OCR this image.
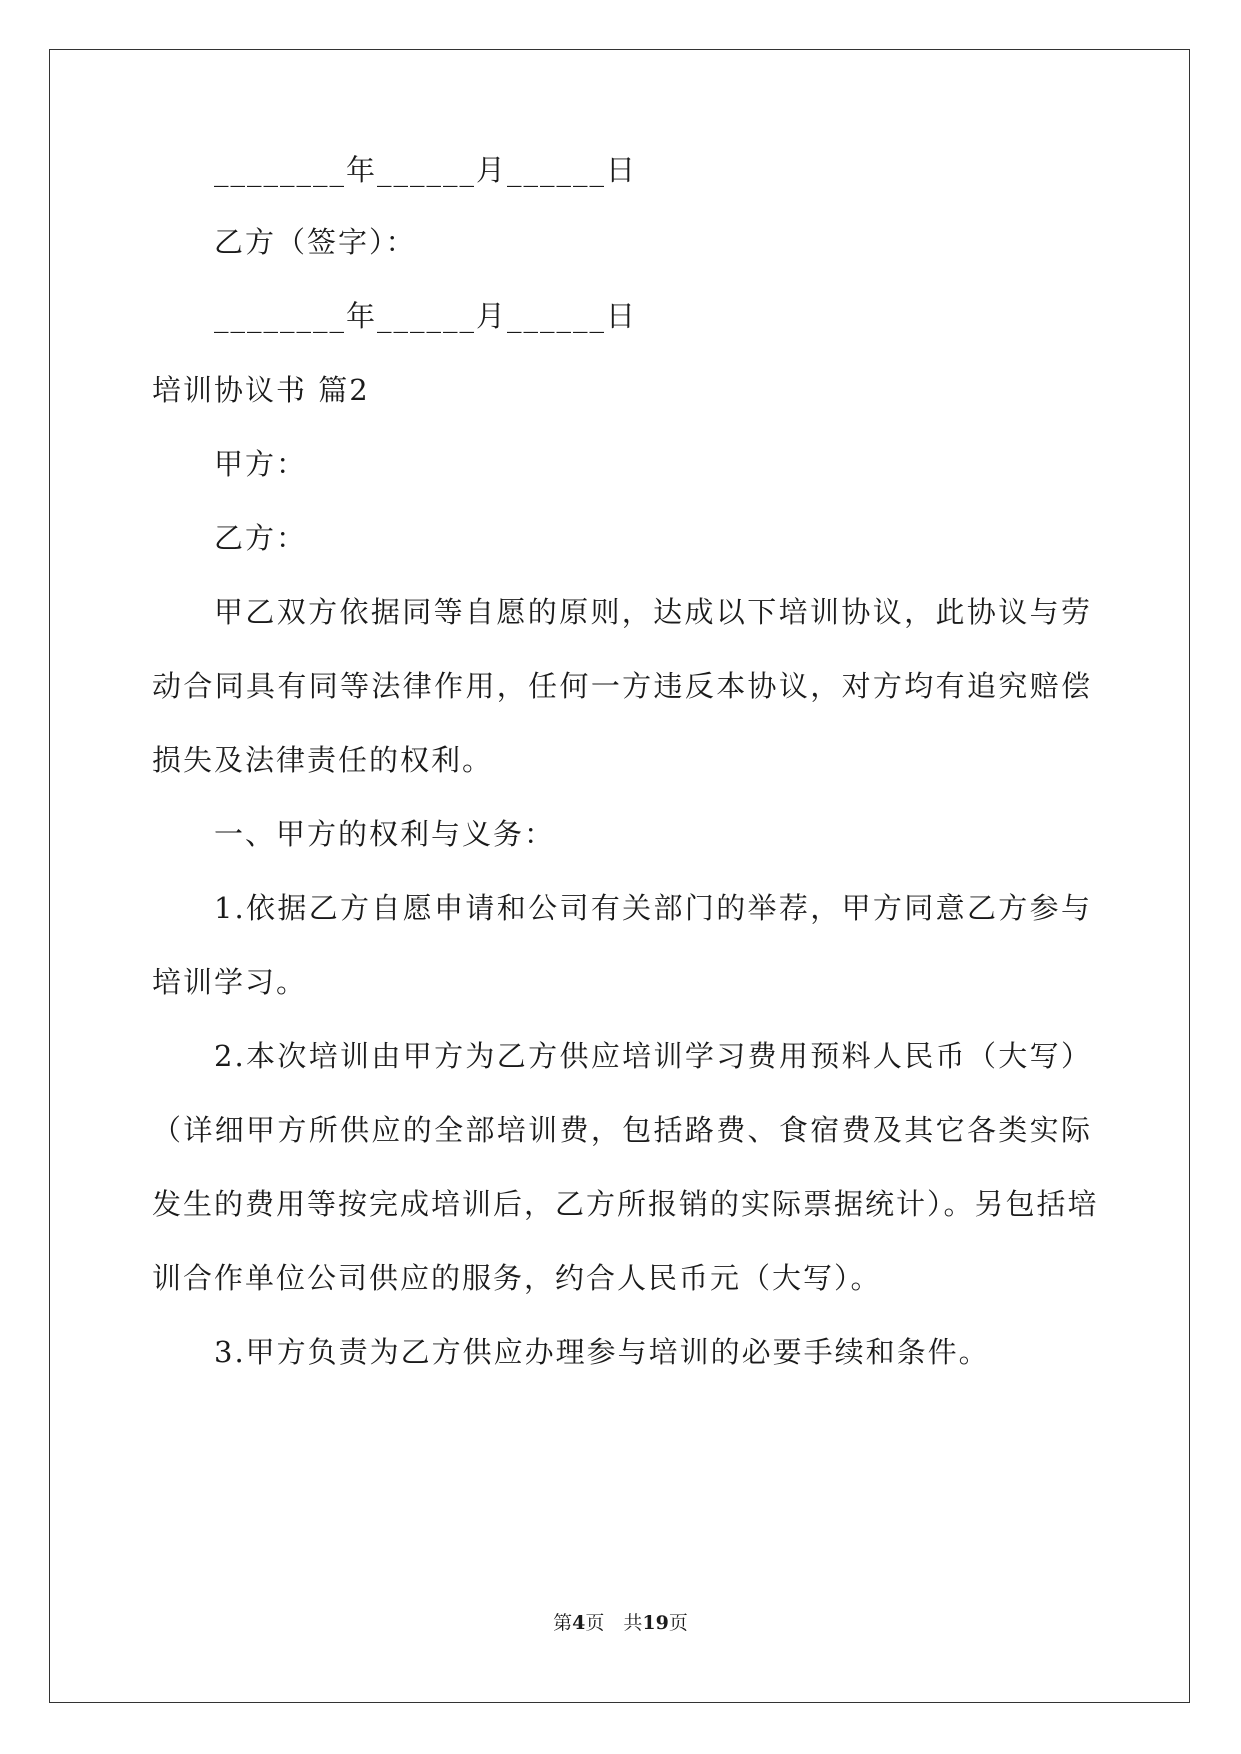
________年______月______日
乙方（签字）：
________年______月______日
培训协议书 篇2
甲方：
乙方：
甲乙双方依据同等自愿的原则，达成以下培训协议，此协议与劳
动合同具有同等法律作用，任何一方违反本协议，对方均有追究赔偿
损失及法律责任的权利。
一、甲方的权利与义务：
1.依据乙方自愿申请和公司有关部门的举荐，甲方同意乙方参与
培训学习。
2.本次培训由甲方为乙方供应培训学习费用预料人民币（大写）
（详细甲方所供应的全部培训费，包括路费、食宿费及其它各类实际
发生的费用等按完成培训后，乙方所报销的实际票据统计）。另包括培
训合作单位公司供应的服务，约合人民币元（大写）。
3.甲方负责为乙方供应办理参与培训的必要手续和条件。
第4页　共19页
